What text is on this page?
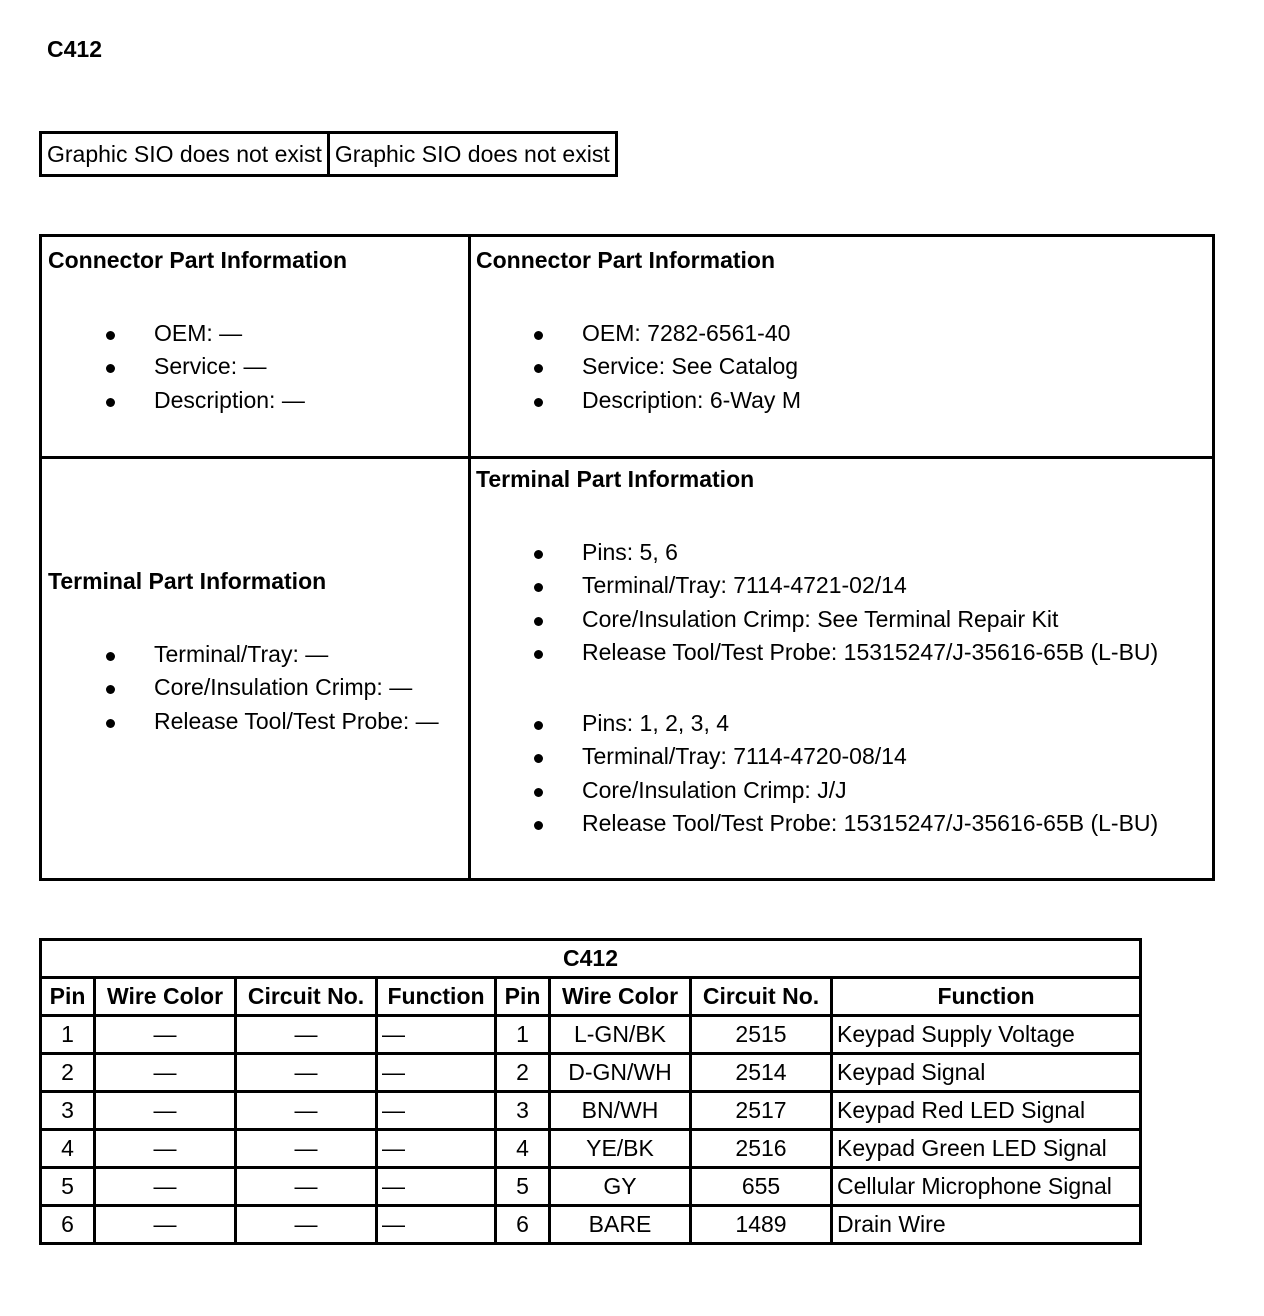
C412
Graphic SIO does not exist Graphic SIO does not exist
Connector Part Information
OEM: —
Service: —
Description: —
Connector Part Information
OEM: 7282-6561-40
Service: See Catalog
Description: 6-Way M
Terminal Part Information
Terminal/Tray: —
Core/Insulation Crimp: —
Release Tool/Test Probe: —
Terminal Part Information
Pins: 5, 6
Terminal/Tray: 7114-4721-02/14
Core/Insulation Crimp: See Terminal Repair Kit
Release Tool/Test Probe: 15315247/J-35616-65B (L-BU)
Pins: 1, 2, 3, 4
Terminal/Tray: 7114-4720-08/14
Core/Insulation Crimp: J/J
Release Tool/Test Probe: 15315247/J-35616-65B (L-BU)
C412							
Pin	Wire Color	Circuit No.	Function	Pin	Wire Color	Circuit No.	Function
1	—	—	—	1	L-GN/BK	2515	Keypad Supply Voltage
2	—	—	—	2	D-GN/WH	2514	Keypad Signal
3	—	—	—	3	BN/WH	2517	Keypad Red LED Signal
4	—	—	—	4	YE/BK	2516	Keypad Green LED Signal
5	—	—	—	5	GY	655	Cellular Microphone Signal
6	—	—	—	6	BARE	1489	Drain Wire
